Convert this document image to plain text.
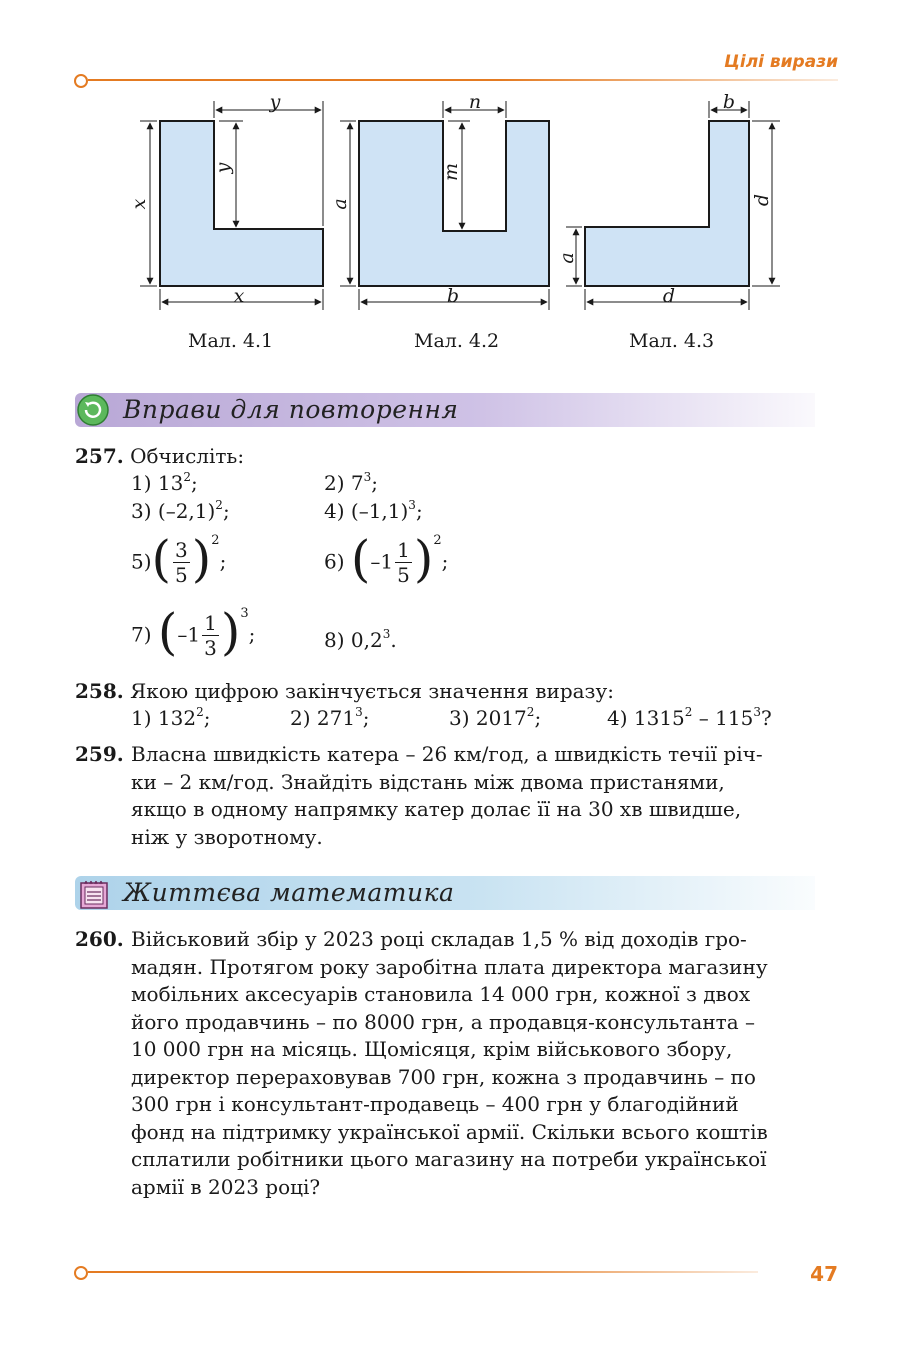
Цілі вирази
y
y
x
x
n
m
a
b
b
d
a
d
Мал. 4.1	Мал. 4.2	Мал. 4.3
Вправи для повторення
257. Обчисліть:
1) $13^2$;	2) $7^3$;
3) $(-2,1)^2$;	4) $(-1,1)^3$;
$5)( \frac{3}{5} )^2$;	6) $(-1 \frac{1}{5} )^2$;
7) $(-1 \frac{1}{3} )^3$;	8) $0,2^3$.
258. Якою цифрою закінчується значення виразу:
1) $132^2$;	2) $271^3$;	3) 2017$^2$;	4) $1315^2 - 115^3$?
259. Власна швидкість катера – 26 км/год, а швидкість течії річ-
ки – 2 км/год. Знайдіть відстань між двома пристанями,
якщо в одному напрямку катер долає її на 30 хв швидше,
ніж у зворотному.
Життєва математика
260. Військовий збір у 2023 році складав 1,5 % від доходів гро-
мадян. Протягом року заробітна плата директора магазину
мобільних аксесуарів становила 14 000 грн, кожної з двох
його продавчинь – по 8000 грн, а продавця-консультанта –
10 000 грн на місяць. Щомісяця, крім військового збору,
директор перераховував 700 грн, кожна з продавчинь – по
300 грн і консультант-продавець – 400 грн у благодійний
фонд на підтримку української армії. Скільки всього коштів
сплатили робітники цього магазину на потреби української
армії в 2023 році?
47
